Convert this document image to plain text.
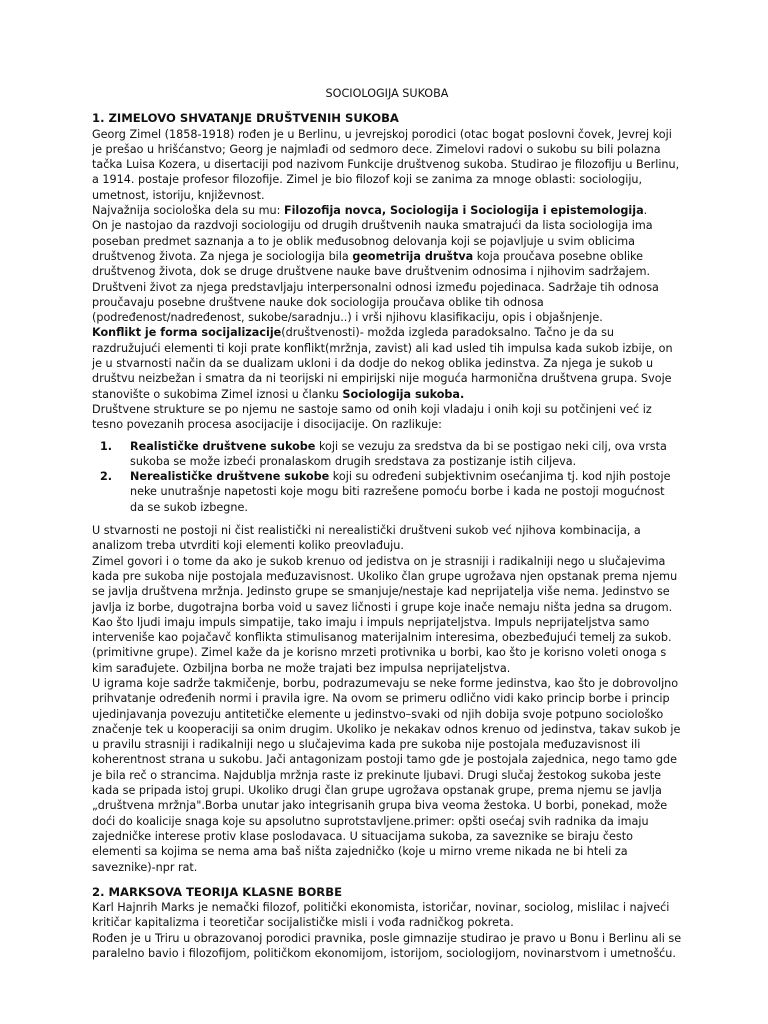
SOCIOLOGIJA SUKOBA
1. ZIMELOVO SHVATANJE DRUŠTVENIH SUKOBA

Georg Zimel (1858-1918) rođen je u Berlinu, u jevrejskoj porodici (otac bogat poslovni čovek, Jevrej koji je prešao u hrišćanstvo; Georg je najmlađi od sedmoro dece. Zimelovi radovi o sukobu su bili polazna tačka Luisa Kozera, u disertaciji pod nazivom Funkcije društvenog sukoba. Studirao je filozofiju u Berlinu, a 1914. postaje profesor filozofije. Zimel je bio filozof koji se zanima za mnoge oblasti: sociologiju, umetnost, istoriju, književnost.

Najvažnija sociološka dela su mu: Filozofija novca, Sociologija i Sociologija i epistemologija.

On je nastojao da razdvoji sociologiju od drugih društvenih nauka smatrajući da lista sociologija ima poseban predmet saznanja a to je oblik međusobnog delovanja koji se pojavljuje u svim oblicima društvenog života. Za njega je sociologija bila geometrija društva koja proučava posebne oblike društvenog života, dok se druge društvene nauke bave društvenim odnosima i njihovim sadržajem.

Društveni život za njega predstavljaju interpersonalni odnosi između pojedinaca. Sadržaje tih odnosa proučavaju posebne društvene nauke dok sociologija proučava oblike tih odnosa (podređenost/nadređenost, sukobe/saradnju..) i vrši njihovu klasifikaciju, opis i objašnjenje.

Konflikt je forma socijalizacije(društvenosti)- možda izgleda paradoksalno. Tačno je da su razdružujući elementi ti koji prate konflikt(mržnja, zavist) ali kad usled tih impulsa kada sukob izbije, on je u stvarnosti način da se dualizam ukloni i da dodje do nekog oblika jedinstva. Za njega je sukob u društvu neizbežan i smatra da ni teorijski ni empirijski nije moguća harmonična društvena grupa. Svoje stanovište o sukobima Zimel iznosi u članku Sociologija sukoba.

Društvene strukture se po njemu ne sastoje samo od onih koji vladaju i onih koji su potčinjeni već iz tesno povezanih procesa asocijacije i disocijacije. On razlikuje:

1. Realističke društvene sukobe koji se vezuju za sredstva da bi se postigao neki cilj, ova vrsta sukoba se može izbeći pronalaskom drugih sredstava za postizanje istih ciljeva.
2. Nerealističke društvene sukobe koji su određeni subjektivnim osećanjima tj. kod njih postoje neke unutrašnje napetosti koje mogu biti razrešene pomoću borbe i kada ne postoji mogućnost da se sukob izbegne.

U stvarnosti ne postoji ni čist realistički ni nerealistički društveni sukob već njihova kombinacija, a analizom treba utvrditi koji elementi koliko preovlađuju.

Zimel govori i o tome da ako je sukob krenuo od jedistva on je strasniji i radikalniji nego u slučajevima kada pre sukoba nije postojala međuzavisnost. Ukoliko član grupe ugrožava njen opstanak prema njemu se javlja društvena mržnja. Jedinsto grupe se smanjuje/nestaje kad neprijatelja više nema. Jedinstvo se javlja iz borbe, dugotrajna borba void u savez ličnosti i grupe koje inače nemaju ništa jedna sa drugom.

Kao što ljudi imaju impuls simpatije, tako imaju i impuls neprijateljstva. Impuls neprijateljstva samo interveniše kao pojačavč konflikta stimulisanog materijalnim interesima, obezbeđujući temelj za sukob.(primitivne grupe). Zimel kaže da je korisno mrzeti protivnika u borbi, kao što je korisno voleti onoga s kim sarađujete. Ozbiljna borba ne može trajati bez impulsa neprijateljstva.

U igrama koje sadrže takmičenje, borbu, podrazumevaju se neke forme jedinstva, kao što je dobrovoljno prihvatanje određenih normi i pravila igre. Na ovom se primeru odlično vidi kako princip borbe i princip ujedinjavanja povezuju antitetičke elemente u jedinstvo–svaki od njih dobija svoje potpuno sociološko značenje tek u kooperaciji sa onim drugim. Ukoliko je nekakav odnos krenuo od jedinstva, takav sukob je u pravilu strasniji i radikalniji nego u slučajevima kada pre sukoba nije postojala međuzavisnost ili koherentnost strana u sukobu. Jači antagonizam postoji tamo gde je postojala zajednica, nego tamo gde je bila reč o strancima. Najdublja mržnja raste iz prekinute ljubavi. Drugi slučaj žestokog sukoba jeste kada se pripada istoj grupi. Ukoliko drugi član grupe ugrožava opstanak grupe, prema njemu se javlja „društvena mržnja".Borba unutar jako integrisanih grupa biva veoma žestoka. U borbi, ponekad, može doći do koalicije snaga koje su apsolutno suprotstavljene.primer: opšti osećaj svih radnika da imaju zajedničke interese protiv klase poslodavaca. U situacijama sukoba, za saveznike se biraju često elementi sa kojima se nema ama baš ništa zajedničko (koje u mirno vreme nikada ne bi hteli za saveznike)-npr rat.

2. MARKSOVA TEORIJA KLASNE BORBE

Karl Hajnrih Marks je nemački filozof, politički ekonomista, istoričar, novinar, sociolog, mislilac i najveći kritičar kapitalizma i teoretičar socijalističke misli i vođa radničkog pokreta.

Rođen je u Triru u obrazovanoj porodici pravnika, posle gimnazije studirao je pravo u Bonu i Berlinu ali se paralelno bavio i filozofijom, političkom ekonomijom, istorijom, sociologijom, novinarstvom i umetnošću.
